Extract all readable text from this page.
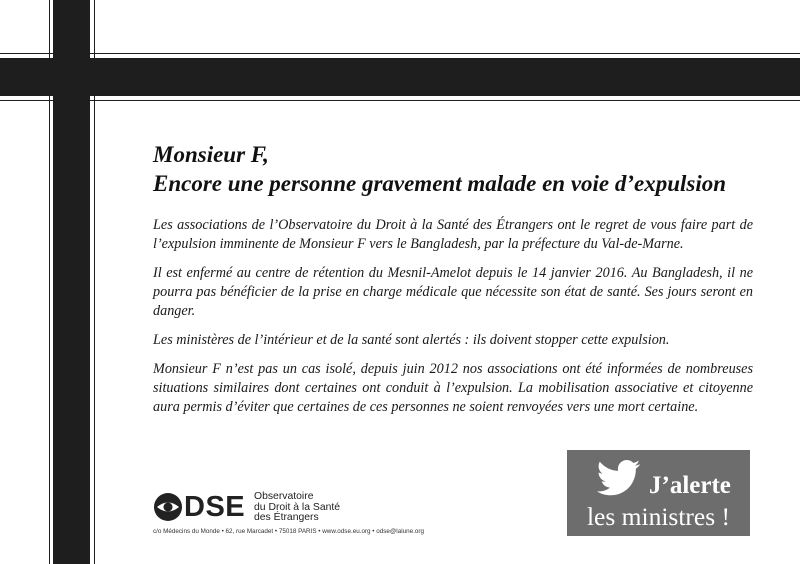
Monsieur F,
Encore une personne gravement malade en voie d’expulsion

Les associations de l’Observatoire du Droit à la Santé des Étrangers ont le regret de vous faire part de l’expulsion imminente de Monsieur F vers le Bangladesh, par la préfecture du Val-de-Marne.

Il est enfermé au centre de rétention du Mesnil-Amelot depuis le 14 janvier 2016. Au Bangladesh, il ne pourra pas bénéficier de la prise en charge médicale que nécessite son état de santé. Ses jours seront en danger.

Les ministères de l’intérieur et de la santé sont alertés : ils doivent stopper cette expulsion.

Monsieur F n’est pas un cas isolé, depuis juin 2012 nos associations ont été informées de nombreuses situations similaires dont certaines ont conduit à l’expulsion. La mobilisation associative et citoyenne aura permis d’éviter que certaines de ces personnes ne soient renvoyées vers une mort certaine.

DSE Observatoire
du Droit à la Santé
des Étrangers
c/o Médecins du Monde • 62, rue Marcadet • 75018 PARIS • www.odse.eu.org • odse@lalune.org
J’alerte
les ministres !
